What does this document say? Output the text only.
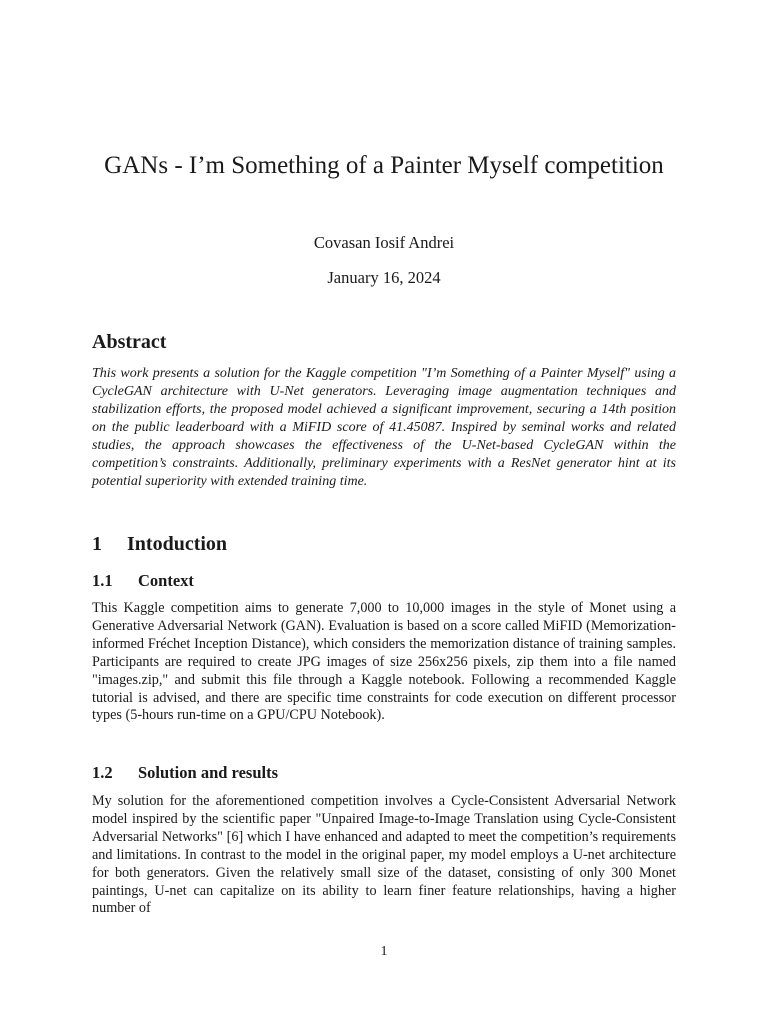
GANs - I’m Something of a Painter Myself competition
Covasan Iosif Andrei
January 16, 2024
Abstract

This work presents a solution for the Kaggle competition "I’m Something of a Painter Myself" using a CycleGAN architecture with U-Net generators. Leveraging image augmentation techniques and stabilization efforts, the proposed model achieved a significant improvement, securing a 14th position on the public leaderboard with a MiFID score of 41.45087. Inspired by seminal works and related studies, the approach showcases the effectiveness of the U-Net-based CycleGAN within the competition’s constraints. Additionally, preliminary experiments with a ResNet generator hint at its potential superiority with extended training time.

1 Intoduction
1.1 Context

This Kaggle competition aims to generate 7,000 to 10,000 images in the style of Monet using a Generative Adversarial Network (GAN). Evaluation is based on a score called MiFID (Memorization-informed Fréchet Inception Distance), which considers the memorization distance of training samples. Participants are required to create JPG images of size 256x256 pixels, zip them into a file named "images.zip," and submit this file through a Kaggle notebook. Following a recommended Kaggle tutorial is advised, and there are specific time constraints for code execution on different processor types (5-hours run-time on a GPU/CPU Notebook).

1.2 Solution and results

My solution for the aforementioned competition involves a Cycle-Consistent Adversarial Network model inspired by the scientific paper "Unpaired Image-to-Image Translation using Cycle-Consistent Adversarial Networks" [6] which I have enhanced and adapted to meet the competition’s requirements and limitations. In contrast to the model in the original paper, my model employs a U-net architecture for both generators. Given the relatively small size of the dataset, consisting of only 300 Monet paintings, U-net can capitalize on its ability to learn finer feature relationships, having a higher number of

1
